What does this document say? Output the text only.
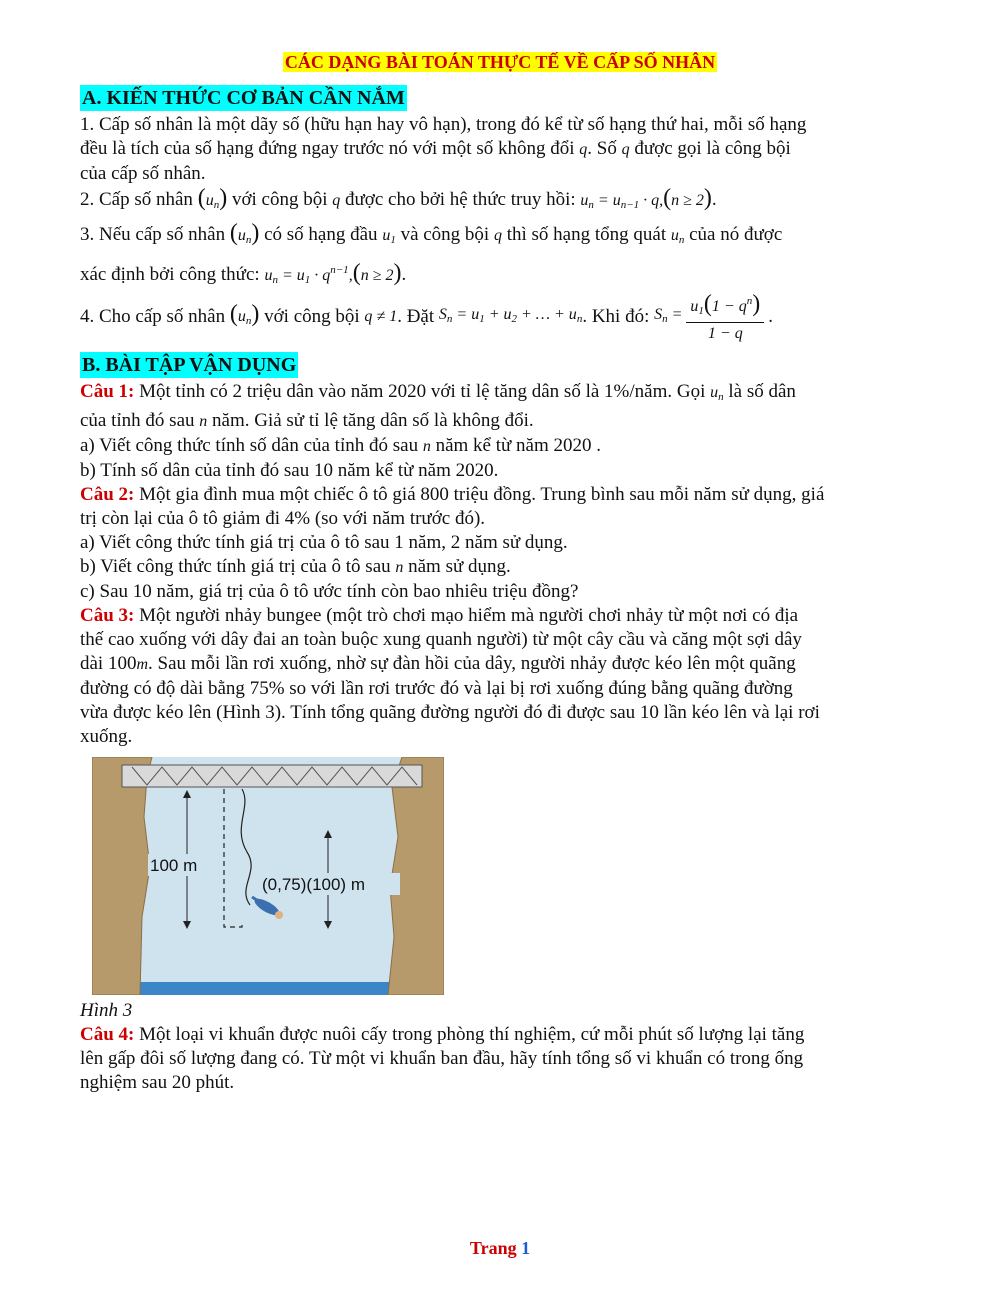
CÁC DẠNG BÀI TOÁN THỰC TẾ VỀ CẤP SỐ NHÂN
A. KIẾN THỨC CƠ BẢN CẦN NẮM

1. Cấp số nhân là một dãy số (hữu hạn hay vô hạn), trong đó kể từ số hạng thứ hai, mỗi số hạng

đều là tích của số hạng đứng ngay trước nó với một số không đổi q. Số q được gọi là công bội

của cấp số nhân.

2. Cấp số nhân $(u_n)$ với công bội q được cho bởi hệ thức truy hồi: $u_n = u_{n-1} \cdot q,(n \ge 2)$.

3. Nếu cấp số nhân $(u_n)$ có số hạng đầu $u_1$ và công bội q thì số hạng tổng quát $u_n$ của nó được

xác định bởi công thức: $u_n = u_1 \cdot q^{n-1},(n \ge 2)$.

4. Cho cấp số nhân
$(u_n)$
với công bội
q ≠ 1 . Đặt
$S_n = u_1 + u_2$ + … + $u_n$ . Khi đó:
$S_n = \frac{u_1(1 - q^n)}{1 - q}$ .
B. BÀI TẬP VẬN DỤNG

Câu 1: Một tỉnh có 2 triệu dân vào năm 2020 với tỉ lệ tăng dân số là 1%/năm. Gọi $u_n$ là số dân

của tỉnh đó sau n năm. Giả sử tỉ lệ tăng dân số là không đổi.

a) Viết công thức tính số dân của tỉnh đó sau n năm kể từ năm 2020 .

b) Tính số dân của tỉnh đó sau 10 năm kể từ năm 2020.

Câu 2: Một gia đình mua một chiếc ô tô giá 800 triệu đồng. Trung bình sau mỗi năm sử dụng, giá

trị còn lại của ô tô giảm đi 4% (so với năm trước đó).

a) Viết công thức tính giá trị của ô tô sau 1 năm, 2 năm sử dụng.

b) Viết công thức tính giá trị của ô tô sau n năm sử dụng.

c) Sau 10 năm, giá trị của ô tô ước tính còn bao nhiêu triệu đồng?

Câu 3: Một người nhảy bungee (một trò chơi mạo hiểm mà người chơi nhảy từ một nơi có địa

thế cao xuống với dây đai an toàn buộc xung quanh người) từ một cây cầu và căng một sợi dây

dài 100m. Sau mỗi lần rơi xuống, nhờ sự đàn hồi của dây, người nhảy được kéo lên một quãng

đường có độ dài bằng 75% so với lần rơi trước đó và lại bị rơi xuống đúng bằng quãng đường

vừa được kéo lên (Hình 3). Tính tổng quãng đường người đó đi được sau 10 lần kéo lên và lại rơi

xuống.

100 m
(0,75)(100) m
Hình 3

Câu 4: Một loại vi khuẩn được nuôi cấy trong phòng thí nghiệm, cứ mỗi phút số lượng lại tăng

lên gấp đôi số lượng đang có. Từ một vi khuẩn ban đầu, hãy tính tổng số vi khuẩn có trong ống

nghiệm sau 20 phút.

Trang 1
